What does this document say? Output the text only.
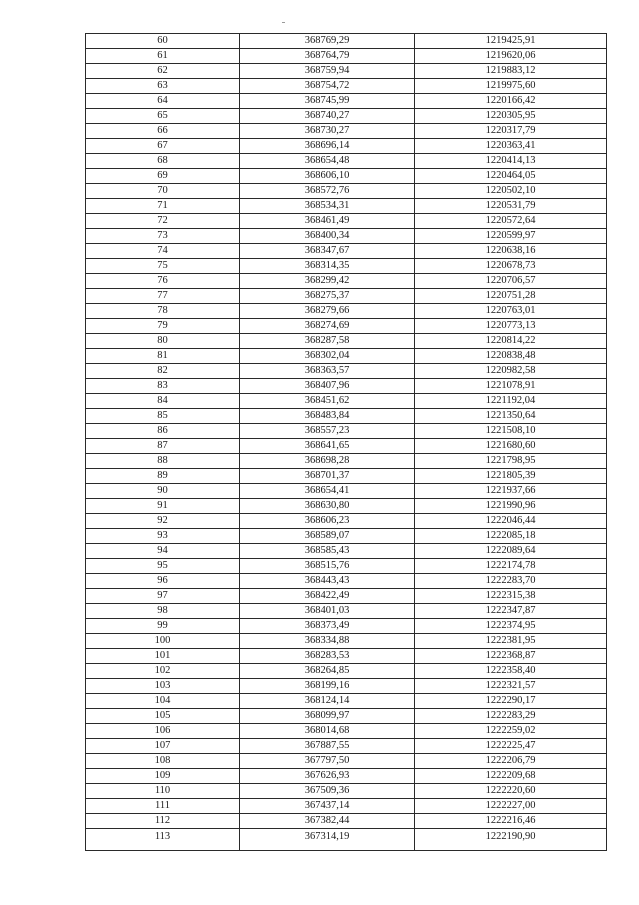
60	368769,29	1219425,91
61	368764,79	1219620,06
62	368759,94	1219883,12
63	368754,72	1219975,60
64	368745,99	1220166,42
65	368740,27	1220305,95
66	368730,27	1220317,79
67	368696,14	1220363,41
68	368654,48	1220414,13
69	368606,10	1220464,05
70	368572,76	1220502,10
71	368534,31	1220531,79
72	368461,49	1220572,64
73	368400,34	1220599,97
74	368347,67	1220638,16
75	368314,35	1220678,73
76	368299,42	1220706,57
77	368275,37	1220751,28
78	368279,66	1220763,01
79	368274,69	1220773,13
80	368287,58	1220814,22
81	368302,04	1220838,48
82	368363,57	1220982,58
83	368407,96	1221078,91
84	368451,62	1221192,04
85	368483,84	1221350,64
86	368557,23	1221508,10
87	368641,65	1221680,60
88	368698,28	1221798,95
89	368701,37	1221805,39
90	368654,41	1221937,66
91	368630,80	1221990,96
92	368606,23	1222046,44
93	368589,07	1222085,18
94	368585,43	1222089,64
95	368515,76	1222174,78
96	368443,43	1222283,70
97	368422,49	1222315,38
98	368401,03	1222347,87
99	368373,49	1222374,95
100	368334,88	1222381,95
101	368283,53	1222368,87
102	368264,85	1222358,40
103	368199,16	1222321,57
104	368124,14	1222290,17
105	368099,97	1222283,29
106	368014,68	1222259,02
107	367887,55	1222225,47
108	367797,50	1222206,79
109	367626,93	1222209,68
110	367509,36	1222220,60
111	367437,14	1222227,00
112	367382,44	1222216,46
113	367314,19	1222190,90
